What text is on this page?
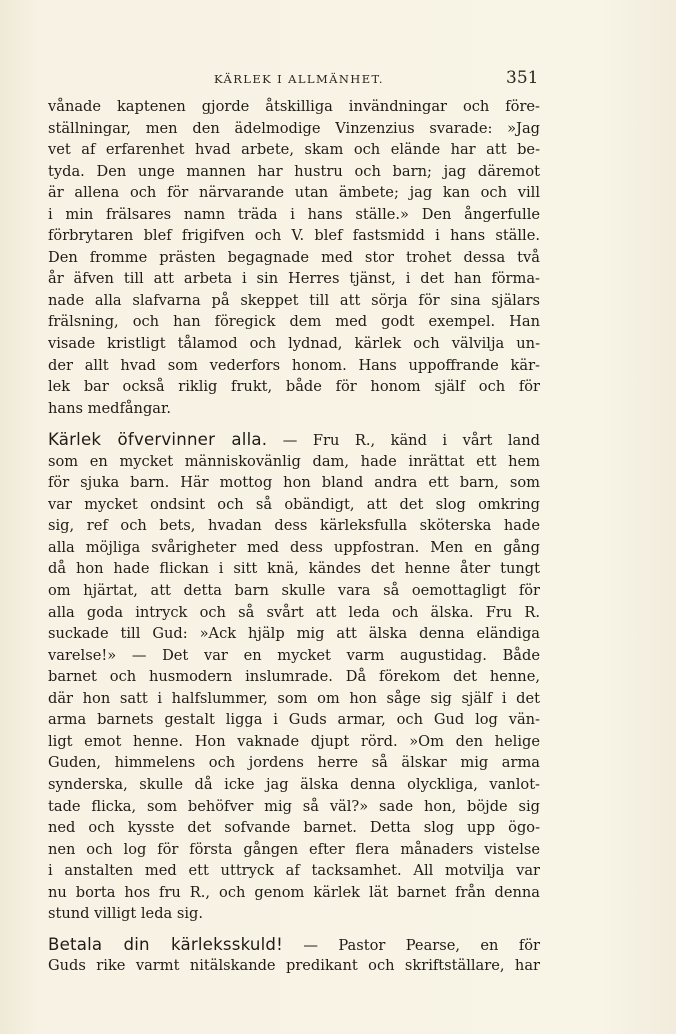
KÄRLEK I ALLMÄNHET.	351
vånade kaptenen gjorde åtskilliga invändningar och före-
ställningar, men den ädelmodige Vinzenzius svarade: »Jag
vet af erfarenhet hvad arbete, skam och elände har att be-
tyda. Den unge mannen har hustru och barn; jag däremot
är allena och för närvarande utan ämbete; jag kan och vill
i min frälsares namn träda i hans ställe.» Den ångerfulle
förbrytaren blef frigifven och V. blef fastsmidd i hans ställe.
Den fromme prästen begagnade med stor trohet dessa två
år äfven till att arbeta i sin Herres tjänst, i det han förma-
nade alla slafvarna på skeppet till att sörja för sina själars
frälsning, och han föregick dem med godt exempel. Han
visade kristligt tålamod och lydnad, kärlek och välvilja un-
der allt hvad som vederfors honom. Hans uppoffrande kär-
lek bar också riklig frukt, både för honom själf och för
hans medfångar.
Kärlek öfvervinner alla. — Fru R., känd i vårt land
som en mycket människovänlig dam, hade inrättat ett hem
för sjuka barn. Här mottog hon bland andra ett barn, som
var mycket ondsint och så obändigt, att det slog omkring
sig, ref och bets, hvadan dess kärleksfulla sköterska hade
alla möjliga svårigheter med dess uppfostran. Men en gång
då hon hade flickan i sitt knä, kändes det henne åter tungt
om hjärtat, att detta barn skulle vara så oemottagligt för
alla goda intryck och så svårt att leda och älska. Fru R.
suckade till Gud: »Ack hjälp mig att älska denna eländiga
varelse!» — Det var en mycket varm augustidag. Både
barnet och husmodern inslumrade. Då förekom det henne,
där hon satt i halfslummer, som om hon såge sig själf i det
arma barnets gestalt ligga i Guds armar, och Gud log vän-
ligt emot henne. Hon vaknade djupt rörd. »Om den helige
Guden, himmelens och jordens herre så älskar mig arma
synderska, skulle då icke jag älska denna olyckliga, vanlot-
tade flicka, som behöfver mig så väl?» sade hon, böjde sig
ned och kysste det sofvande barnet. Detta slog upp ögo-
nen och log för första gången efter flera månaders vistelse
i anstalten med ett uttryck af tacksamhet. All motvilja var
nu borta hos fru R., och genom kärlek lät barnet från denna
stund villigt leda sig.
Betala din kärleksskuld! — Pastor Pearse, en för
Guds rike varmt nitälskande predikant och skriftställare, har
